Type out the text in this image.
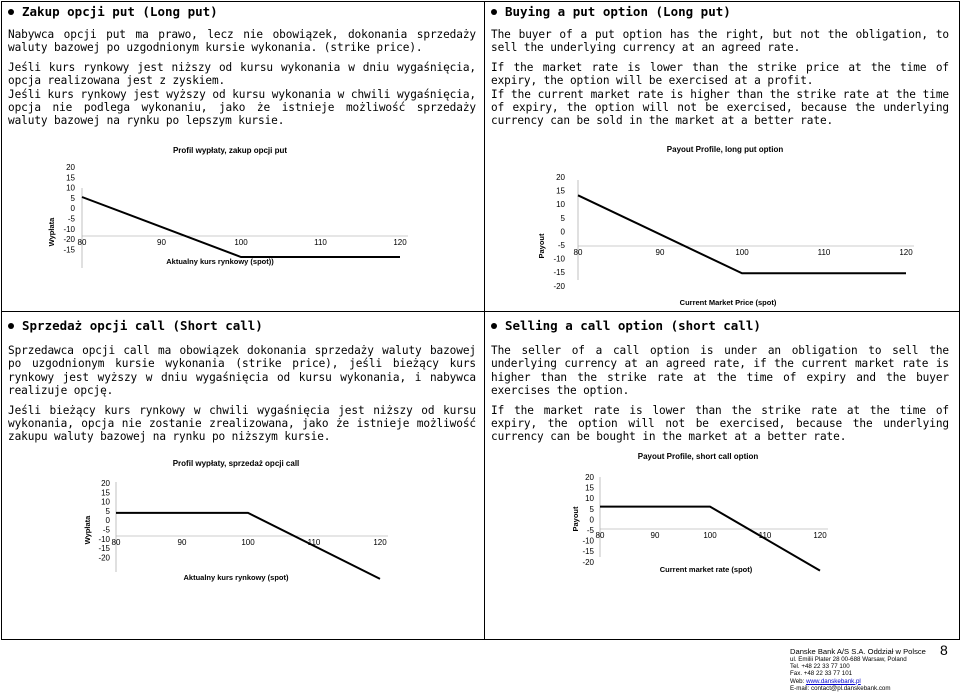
Zakup opcji put (Long put)

Nabywca opcji put ma prawo, lecz nie obowiązek, dokonania sprzedaży waluty bazowej po uzgodnionym kursie wykonania. (strike price).

Jeśli kurs rynkowy jest niższy od kursu wykonania w dniu wygaśnięcia, opcja realizowana jest z zyskiem.

Jeśli kurs rynkowy jest wyższy od kursu wykonania w chwili wygaśnięcia, opcja nie podlega wykonaniu, jako że istnieje możliwość sprzedaży waluty bazowej na rynku po lepszym kursie.

Buying a put option (Long put)

The buyer of a put option has the right, but not the obligation, to sell the underlying currency at an agreed rate.

If the market rate is lower than the strike price at the time of expiry, the option will be exercised at a profit.

If the current market rate is higher than the strike rate at the time of expiry, the option will not be exercised, because the underlying currency can be sold in the market at a better rate.

Sprzedaż opcji call (Short call)

Sprzedawca opcji call ma obowiązek dokonania sprzedaży waluty bazowej po uzgodnionym kursie wykonania (strike price), jeśli bieżący kurs rynkowy jest wyższy w dniu wygaśnięcia od kursu wykonania, i nabywca realizuje opcję.

Jeśli bieżący kurs rynkowy w chwili wygaśnięcia jest niższy od kursu wykonania, opcja nie zostanie zrealizowana, jako że istnieje możliwość zakupu waluty bazowej na rynku po niższym kursie.

Selling a call option (short call)

The seller of a call option is under an obligation to sell the underlying currency at an agreed rate, if the current market rate is higher than the strike rate at the time of expiry and the buyer exercises the option.

If the market rate is lower than the strike rate at the time of expiry, the option will not be exercised, because the underlying currency can be bought in the market at a better rate.

Profil wypłaty, zakup opcji put
20
15
10
5
0
-5
-10
-20
-15
80	90	100	110	120
Wypłata
Aktualny kurs rynkowy (spot))
Payout Profile, long put option
20
15
10
5
0
-5
-10
-15
-20
80	90	100	110	120
Payout
Current Market Price (spot)
Profil wypłaty, sprzedaż opcji call
20
15
10
5
0
-5
-10
-15
-20
80	90	100	110	120
Wypłata
Aktualny kurs rynkowy (spot)
Payout Profile, short call option
20
15
10
5
0
-5
-10
-15
-20
80	90	100	110	120
Payout
Current market rate (spot)
Danske Bank A/S S.A. Oddział w Polsce
ul. Emilii Plater 28 00-688 Warsaw, Poland
Tel. +48 22 33 77 100
Fax. +48 22 33 77 101
Web: www.danskebank.pl
E-mail: contact@pl.danskebank.com
8
